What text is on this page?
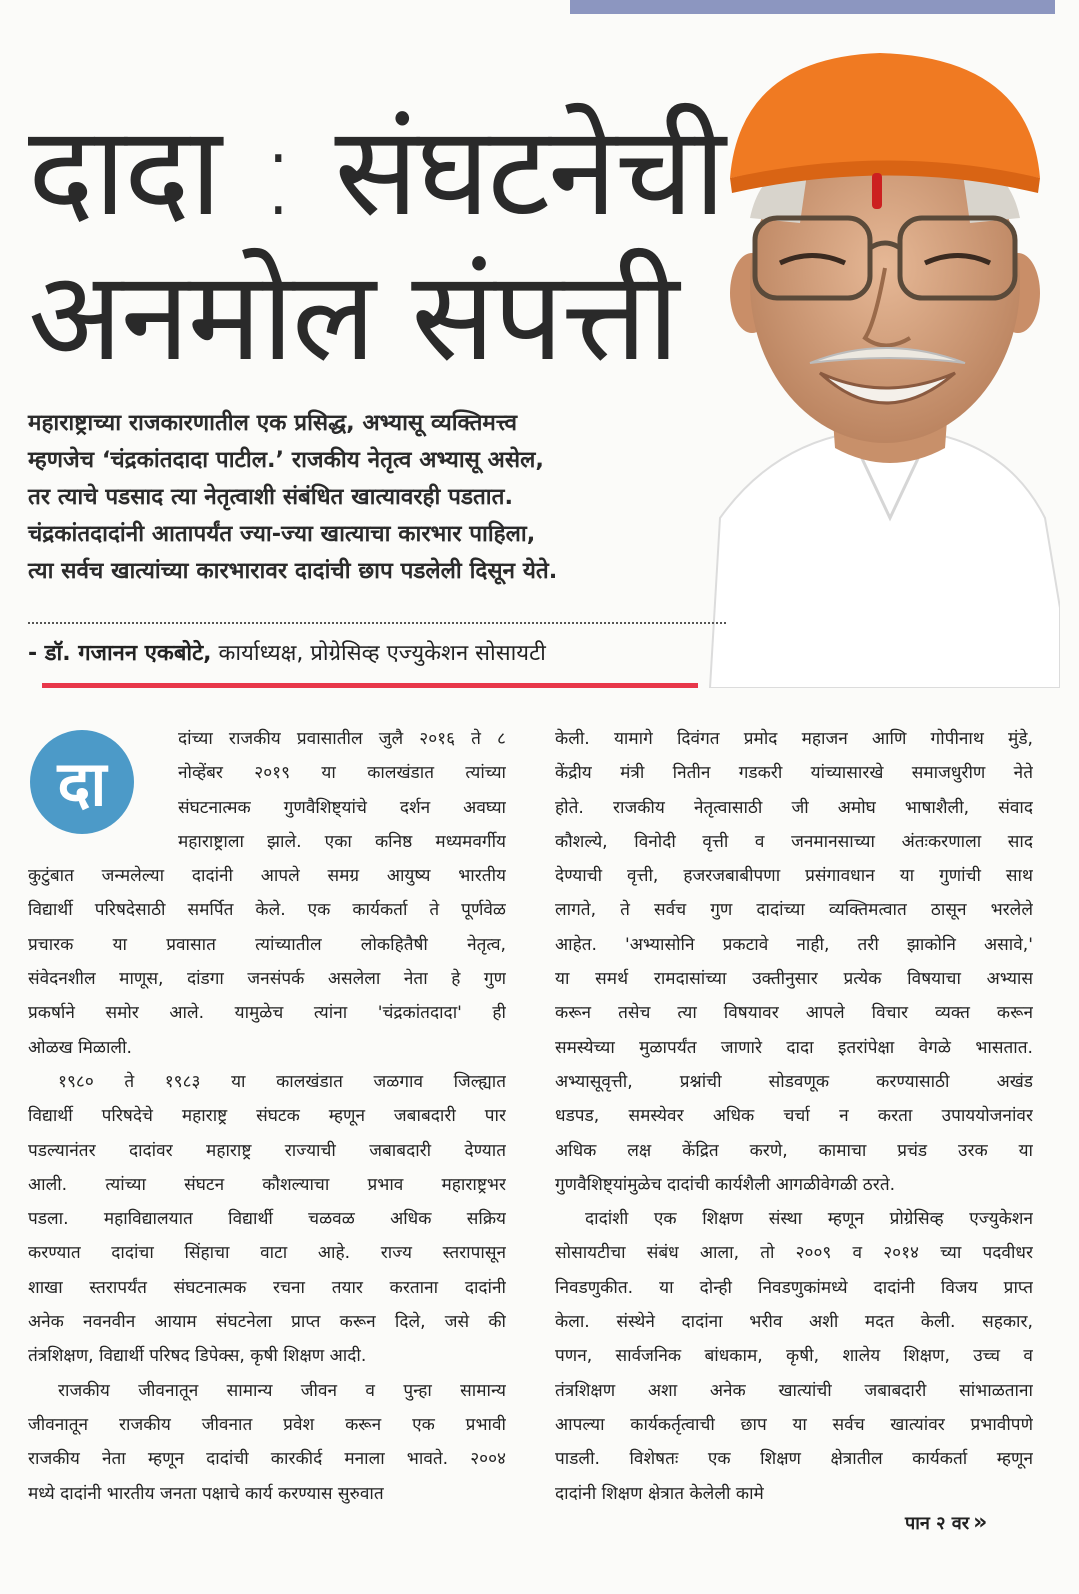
दादा : संघटनेची
अनमोल संपत्ती
महाराष्ट्राच्या राजकारणातील एक प्रसिद्ध, अभ्यासू व्यक्तिमत्त्व
म्हणजेच ‘चंद्रकांतदादा पाटील.’ राजकीय नेतृत्व अभ्यासू असेल,
तर त्याचे पडसाद त्या नेतृत्वाशी संबंधित खात्यावरही पडतात.
चंद्रकांतदादांनी आतापर्यंत ज्या-ज्या खात्याचा कारभार पाहिला,
त्या सर्वच खात्यांच्या कारभारावर दादांची छाप पडलेली दिसून येते.
- डॉ. गजानन एकबोटे, कार्याध्यक्ष, प्रोग्रेसिव्ह एज्युकेशन सोसायटी
दा
दांच्या राजकीय प्रवासातील जुलै २०१६ ते ८
नोव्हेंबर २०१९ या कालखंडात त्यांच्या
संघटनात्मक गुणवैशिष्ट्यांचे दर्शन अवघ्या
महाराष्ट्राला झाले. एका कनिष्ठ मध्यमवर्गीय
कुटुंबात जन्मलेल्या दादांनी आपले समग्र आयुष्य भारतीय
विद्यार्थी परिषदेसाठी समर्पित केले. एक कार्यकर्ता ते पूर्णवेळ
प्रचारक या प्रवासात त्यांच्यातील लोकहितैषी नेतृत्व,
संवेदनशील माणूस, दांडगा जनसंपर्क असलेला नेता हे गुण
प्रकर्षाने समोर आले. यामुळेच त्यांना 'चंद्रकांतदादा' ही
ओळख मिळाली.
१९८० ते १९८३ या कालखंडात जळगाव जिल्ह्यात
विद्यार्थी परिषदेचे महाराष्ट्र संघटक म्हणून जबाबदारी पार
पडल्यानंतर दादांवर महाराष्ट्र राज्याची जबाबदारी देण्यात
आली. त्यांच्या संघटन कौशल्याचा प्रभाव महाराष्ट्रभर
पडला. महाविद्यालयात विद्यार्थी चळवळ अधिक सक्रिय
करण्यात दादांचा सिंहाचा वाटा आहे. राज्य स्तरापासून
शाखा स्तरापर्यंत संघटनात्मक रचना तयार करताना दादांनी
अनेक नवनवीन आयाम संघटनेला प्राप्त करून दिले, जसे की
तंत्रशिक्षण, विद्यार्थी परिषद डिपेक्स, कृषी शिक्षण आदी.
राजकीय जीवनातून सामान्य जीवन व पुन्हा सामान्य
जीवनातून राजकीय जीवनात प्रवेश करून एक प्रभावी
राजकीय नेता म्हणून दादांची कारकीर्द मनाला भावते. २००४
मध्ये दादांनी भारतीय जनता पक्षाचे कार्य करण्यास सुरुवात
केली. यामागे दिवंगत प्रमोद महाजन आणि गोपीनाथ मुंडे,
केंद्रीय मंत्री नितीन गडकरी यांच्यासारखे समाजधुरीण नेते
होते. राजकीय नेतृत्वासाठी जी अमोघ भाषाशैली, संवाद
कौशल्ये, विनोदी वृत्ती व जनमानसाच्या अंतःकरणाला साद
देण्याची वृत्ती, हजरजबाबीपणा प्रसंगावधान या गुणांची साथ
लागते, ते सर्वच गुण दादांच्या व्यक्तिमत्वात ठासून भरलेले
आहेत. 'अभ्यासोनि प्रकटावे नाही, तरी झाकोनि असावे,'
या समर्थ रामदासांच्या उक्तीनुसार प्रत्येक विषयाचा अभ्यास
करून तसेच त्या विषयावर आपले विचार व्यक्त करून
समस्येच्या मुळापर्यंत जाणारे दादा इतरांपेक्षा वेगळे भासतात.
अभ्यासूवृत्ती, प्रश्नांची सोडवणूक करण्यासाठी अखंड
धडपड, समस्येवर अधिक चर्चा न करता उपाययोजनांवर
अधिक लक्ष केंद्रित करणे, कामाचा प्रचंड उरक या
गुणवैशिष्ट्यांमुळेच दादांची कार्यशैली आगळीवेगळी ठरते.
दादांशी एक शिक्षण संस्था म्हणून प्रोग्रेसिव्ह एज्युकेशन
सोसायटीचा संबंध आला, तो २००९ व २०१४ च्या पदवीधर
निवडणुकीत. या दोन्ही निवडणुकांमध्ये दादांनी विजय प्राप्त
केला. संस्थेने दादांना भरीव अशी मदत केली. सहकार,
पणन, सार्वजनिक बांधकाम, कृषी, शालेय शिक्षण, उच्च व
तंत्रशिक्षण अशा अनेक खात्यांची जबाबदारी सांभाळताना
आपल्या कार्यकर्तृत्वाची छाप या सर्वच खात्यांवर प्रभावीपणे
पाडली. विशेषतः एक शिक्षण क्षेत्रातील कार्यकर्ता म्हणून
दादांनी शिक्षण क्षेत्रात केलेली कामे
पान २ वर »
